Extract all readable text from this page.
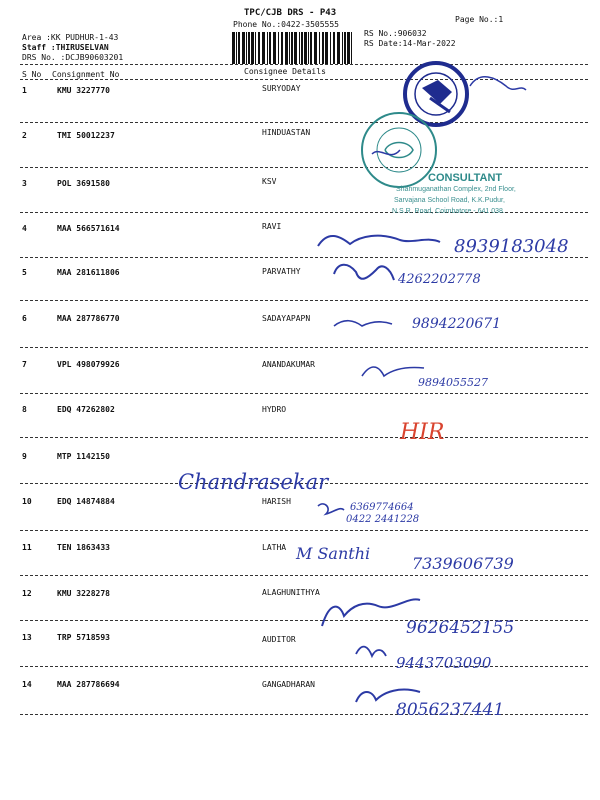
TPC/CJB DRS - P43
Phone No.:0422-3505555
Page No.:1
Area :KK PUDHUR-1-43
Staff :THIRUSELVAN
DRS No. :DCJB90603201
RS No.:906032
RS Date:14-Mar-2022
S No Consignment No	Consignee Details
1	KMU 3227770	SURYODAY
2	TMI 50012237	HINDUASTAN
3	POL 3691580	KSV
4	MAA 566571614	RAVI
5	MAA 281611806	PARVATHY
6	MAA 287786770	SADAYAPAPN
7	VPL 498079926	ANANDAKUMAR
8	EDQ 47262802	HYDRO
9	MTP 1142150
10	EDQ 14874884	HARISH
11	TEN 1863433	LATHA
12	KMU 3228278	ALAGHUNITHYA
13	TRP 5718593	AUDITOR
14	MAA 287786694	GANGADHARAN
CONSULTANT
Shanmuganathan Complex, 2nd Floor,
Sarvajana School Road, K.K.Pudur,
N.S.R. Road, Coimbatore - 641 038.
8939183048
4262202778
9894220671
9894055527
HIR
Chandrasekar
6369774664
0422 2441228
M Santhi
7339606739
9626452155
9443703090
8056237441
